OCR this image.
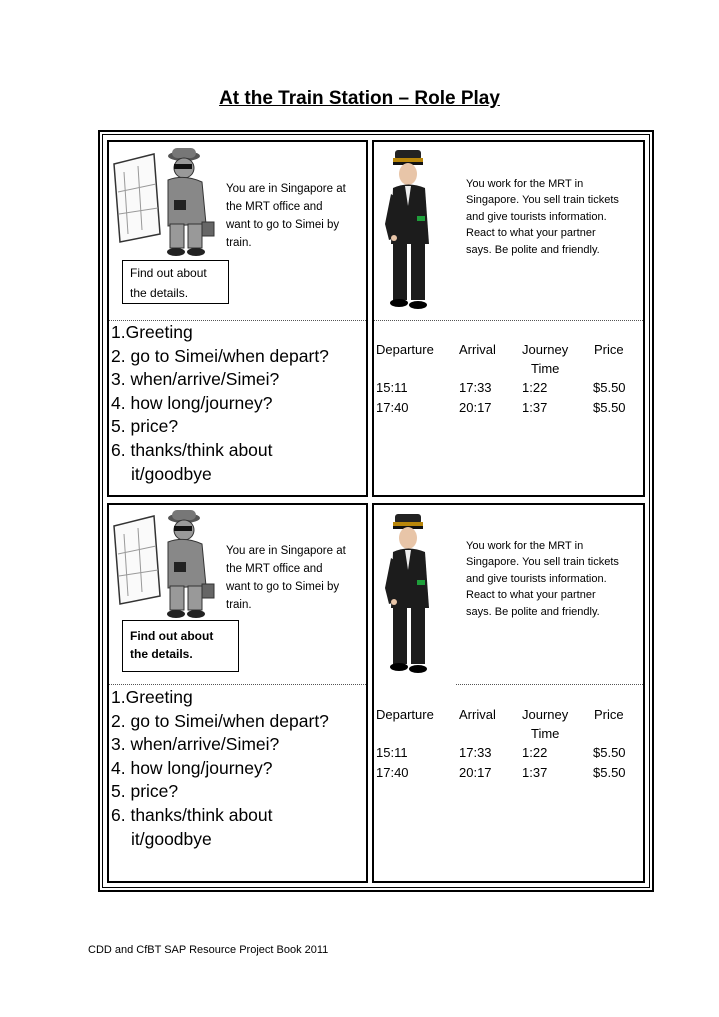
At the Train Station – Role Play
You are in Singapore at
the MRT office and
want to go to Simei by
train.
Find out about
the details.
1.Greeting
2. go to Simei/when depart?
3. when/arrive/Simei?
4. how long/journey?
5. price?
6. thanks/think about
it/goodbye
You work for the MRT in
Singapore. You sell train tickets
and give tourists information.
React to what your partner
says. Be polite and friendly.
Departure Arrival Journey Price
Time
15:11	17:33 1:22	$5.50
17:40	20:17 1:37	$5.50
You are in Singapore at
the MRT office and
want to go to Simei by
train.
Find out about
the details.
1.Greeting
2. go to Simei/when depart?
3. when/arrive/Simei?
4. how long/journey?
5. price?
6. thanks/think about
it/goodbye
You work for the MRT in
Singapore. You sell train tickets
and give tourists information.
React to what your partner
says. Be polite and friendly.
Departure Arrival Journey Price
Time
15:11	17:33 1:22	$5.50
17:40	20:17 1:37	$5.50
CDD and CfBT SAP Resource Project Book 2011
